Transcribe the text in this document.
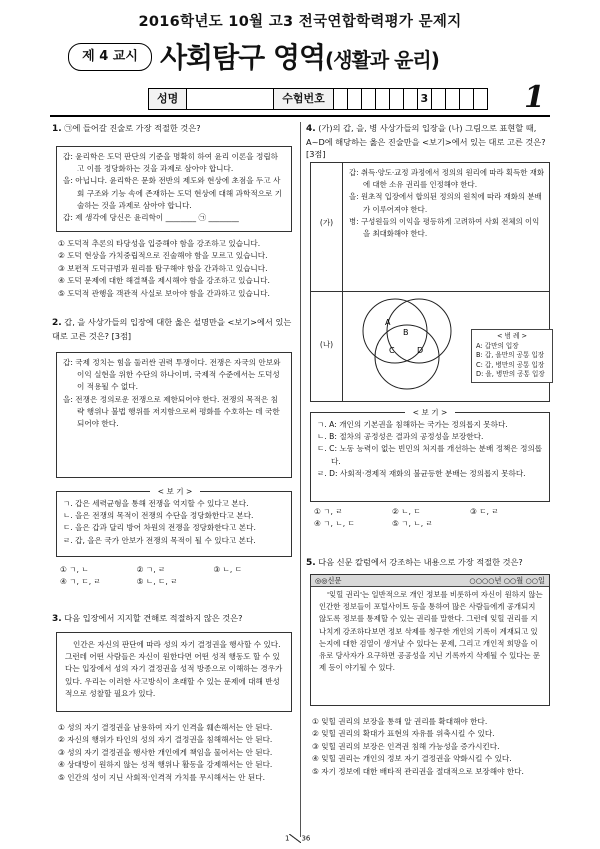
2016학년도 10월 고3 전국연합학력평가 문제지
제 4 교시 사회탐구 영역(생활과 윤리)
성명	수험번호	3	1
1. ㉠에 들어갈 진술로 가장 적절한 것은?

갑: 윤리학은 도덕 판단의 기준을 명확히 하여 윤리 이론을 정립하고 이를 정당화하는 것을 과제로 삼아야 합니다.

을: 아닙니다. 윤리학은 문화 전반의 제도와 현상에 초점을 두고 사회 구조와 기능 속에 존재하는 도덕 현상에 대해 과학적으로 기술하는 것을 과제로 삼아야 합니다.

갑: 제 생각에 당신은 윤리학이 ________ ㉠ ________

① 도덕적 추론의 타당성을 입증해야 함을 강조하고 있습니다.
② 도덕 현상을 가치중립적으로 진술해야 함을 모르고 있습니다.
③ 보편적 도덕규범과 원리를 탐구해야 함을 간과하고 있습니다.
④ 도덕 문제에 대한 해결책을 제시해야 함을 강조하고 있습니다.
⑤ 도덕적 관행을 객관적 사실로 보아야 함을 간과하고 있습니다.
2. 갑, 을 사상가들의 입장에 대한 옳은 설명만을 <보기>에서 있는 대로 고른 것은? [3점]

갑: 국제 정치는 힘을 둘러싼 권력 투쟁이다. 전쟁은 자국의 안보와 이익 실현을 위한 수단의 하나이며, 국제적 수준에서는 도덕성이 적용될 수 없다.

을: 전쟁은 정의로운 전쟁으로 제한되어야 한다. 전쟁의 목적은 침략 행위나 불법 행위를 저지함으로써 평화를 수호하는 데 국한되어야 한다.

ㄱ. 갑은 세력균형을 통해 전쟁을 억지할 수 있다고 본다.

ㄴ. 을은 전쟁의 목적이 전쟁의 수단을 정당화한다고 본다.

ㄷ. 을은 갑과 달리 방어 차원의 전쟁을 정당화한다고 본다.

ㄹ. 갑, 을은 국가 안보가 전쟁의 목적이 될 수 있다고 본다.

< 보 기 >
① ㄱ, ㄴ	② ㄱ, ㄹ	③ ㄴ, ㄷ
④ ㄱ, ㄷ, ㄹ	⑤ ㄴ, ㄷ, ㄹ
3. 다음 입장에서 지지할 견해로 적절하지 않은 것은?

인간은 자신의 판단에 따라 성의 자기 결정권을 행사할 수 있다. 그런데 어떤 사람들은 자신이 원한다면 어떤 성적 행동도 할 수 있다는 입장에서 성의 자기 결정권을 성적 방종으로 이해하는 경우가 있다. 우리는 이러한 사고방식이 초래할 수 있는 문제에 대해 반성적으로 성찰할 필요가 있다.

① 성의 자기 결정권을 남용하여 자기 인격을 훼손해서는 안 된다.
② 자신의 행위가 타인의 성의 자기 결정권을 침해해서는 안 된다.
③ 성의 자기 결정권을 행사한 개인에게 책임을 물어서는 안 된다.
④ 상대방이 원하지 않는 성적 행위나 활동을 강제해서는 안 된다.
⑤ 인간의 성이 지닌 사회적·인격적 가치를 무시해서는 안 된다.
4. (가)의 갑, 을, 병 사상가들의 입장을 (나) 그림으로 표현할 때, A~D에 해당하는 옳은 진술만을 <보기>에서 있는 대로 고른 것은? [3점]
(가)
(나)

갑: 취득·양도·교정 과정에서 정의의 원리에 따라 획득한 재화에 대한 소유 권리를 인정해야 한다.

을: 원초적 입장에서 합의된 정의의 원칙에 따라 재화의 분배가 이루어져야 한다.

병: 구성원들의 이익을 평등하게 고려하여 사회 전체의 이익을 최대화해야 한다.

A
B
C	D
< 범 례 >
A: 갑만의 입장
B: 갑, 을만의 공통 입장
C: 갑, 병만의 공통 입장
D: 을, 병만의 공통 입장

ㄱ. A: 개인의 기본권을 침해하는 국가는 정의롭지 못하다.

ㄴ. B: 절차의 공정성은 결과의 공정성을 보장한다.

ㄷ. C: 노동 능력이 없는 빈민의 처지를 개선하는 분배 정책은 정의롭다.

ㄹ. D: 사회적·경제적 재화의 불균등한 분배는 정의롭지 못하다.

< 보 기 >
① ㄱ, ㄹ	② ㄴ, ㄷ	③ ㄷ, ㄹ
④ ㄱ, ㄴ, ㄷ	⑤ ㄱ, ㄴ, ㄹ
5. 다음 신문 칼럼에서 강조하는 내용으로 가장 적절한 것은?
◎◎신문	○○○○년 ○○월 ○○일

'잊힐 권리'는 일반적으로 개인 정보를 비롯하여 자신이 원하지 않는 인간한 정보들이 포털사이트 등을 통하여 많은 사람들에게 공개되지 않도록 정보를 통제할 수 있는 권리를 말한다. 그런데 잊힐 권리를 지나치게 강조하다보면 정보 삭제를 청구한 개인의 기록이 계재되고 있는지에 대한 검열이 생겨날 수 있다는 문제, 그리고 개인적 희망을 이유로 당사자가 요구하면 공공성을 지닌 기록까지 삭제될 수 있다는 문제 등이 야기될 수 있다.

① 잊힐 권리의 보장을 통해 알 권리를 확대해야 한다.
② 잊힐 권리의 확대가 표현의 자유를 위축시킬 수 있다.
③ 잊힐 권리의 보장은 인격권 침해 가능성을 증가시킨다.
④ 잊힐 권리는 개인의 정보 자기 결정권을 약화시킬 수 있다.
⑤ 자기 정보에 대한 배타적 관리권을 절대적으로 보장해야 한다.
1 36
